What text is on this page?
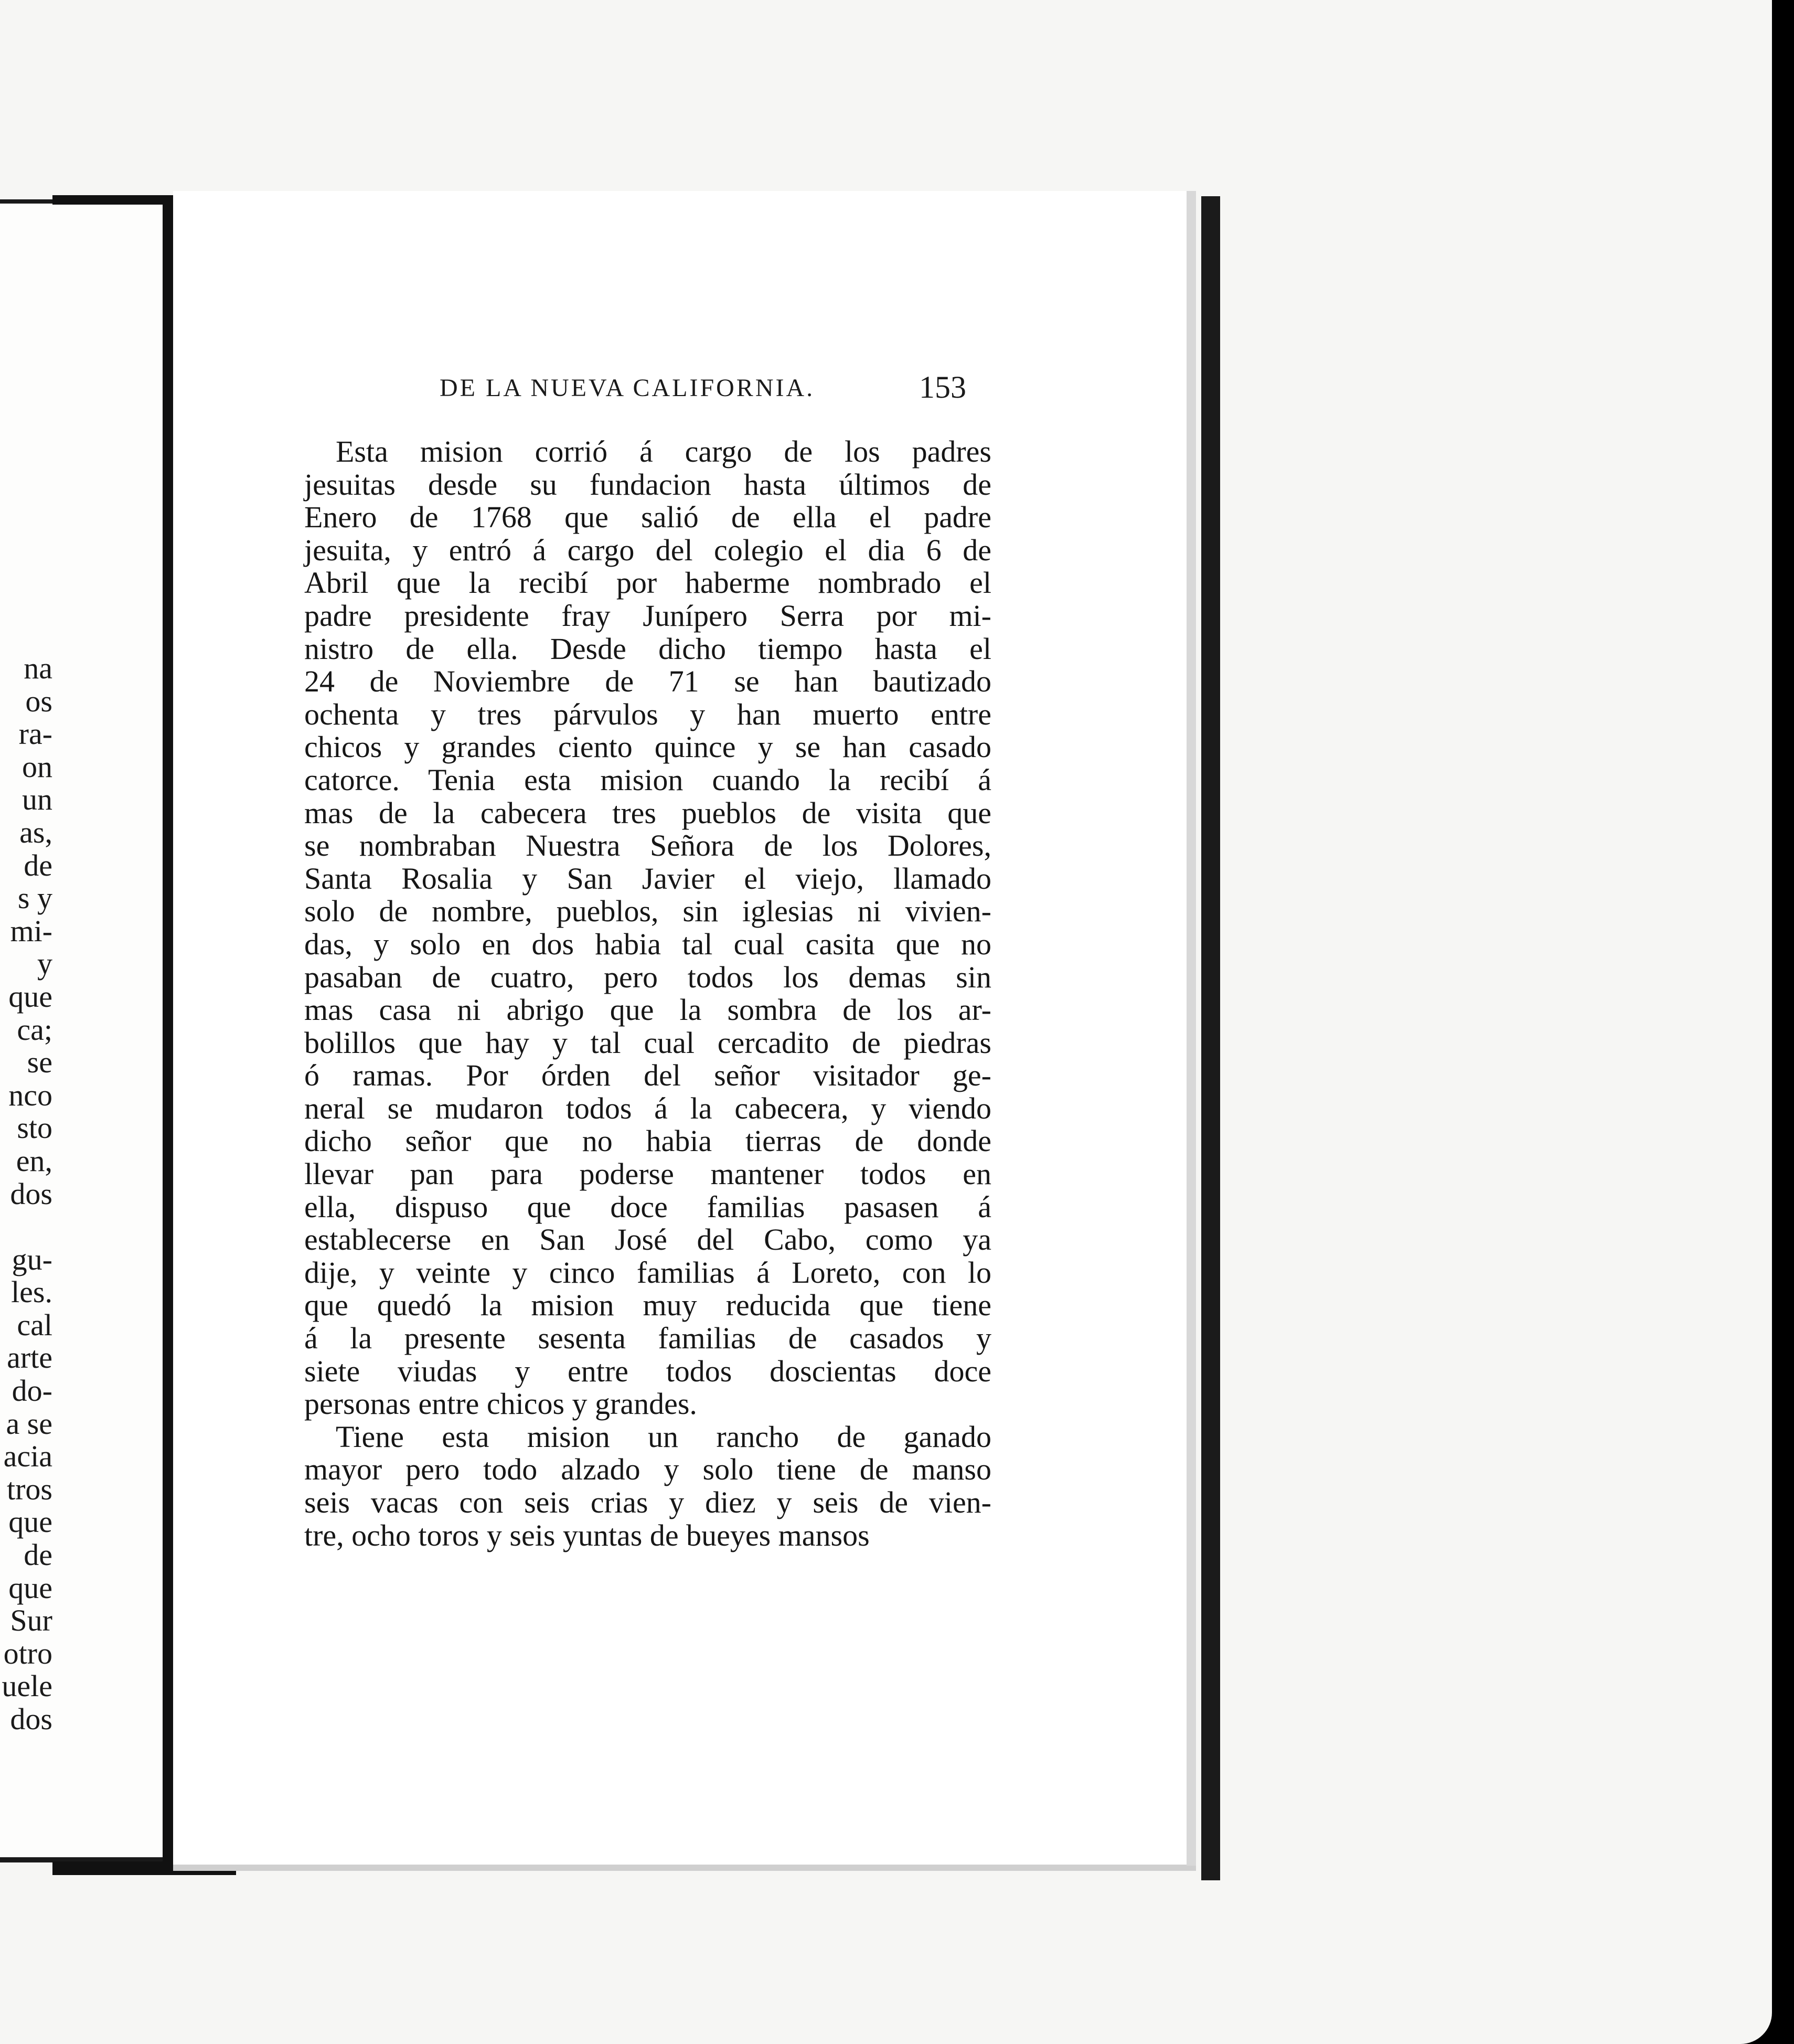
na
os
ra-
on
un
as,
de
s y
mi-
y
que
ca;
se
nco
sto
en,
dos
gu-
les.
cal
arte
do-
a se
acia
tros
que
de
que
Sur
otro
uele
dos
DE LA NUEVA CALIFORNIA.	153
Esta mision corrió á cargo de los padres
jesuitas desde su fundacion hasta últimos de
Enero de 1768 que salió de ella el padre
jesuita, y entró á cargo del colegio el dia 6 de
Abril que la recibí por haberme nombrado el
padre presidente fray Junípero Serra por mi-
nistro de ella. Desde dicho tiempo hasta el
24 de Noviembre de 71 se han bautizado
ochenta y tres párvulos y han muerto entre
chicos y grandes ciento quince y se han casado
catorce. Tenia esta mision cuando la recibí á
mas de la cabecera tres pueblos de visita que
se nombraban Nuestra Señora de los Dolores,
Santa Rosalia y San Javier el viejo, llamado
solo de nombre, pueblos, sin iglesias ni vivien-
das, y solo en dos habia tal cual casita que no
pasaban de cuatro, pero todos los demas sin
mas casa ni abrigo que la sombra de los ar-
bolillos que hay y tal cual cercadito de piedras
ó ramas. Por órden del señor visitador ge-
neral se mudaron todos á la cabecera, y viendo
dicho señor que no habia tierras de donde
llevar pan para poderse mantener todos en
ella, dispuso que doce familias pasasen á
establecerse en San José del Cabo, como ya
dije, y veinte y cinco familias á Loreto, con lo
que quedó la mision muy reducida que tiene
á la presente sesenta familias de casados y
siete viudas y entre todos doscientas doce
personas entre chicos y grandes.
Tiene esta mision un rancho de ganado
mayor pero todo alzado y solo tiene de manso
seis vacas con seis crias y diez y seis de vien-
tre, ocho toros y seis yuntas de bueyes mansos
